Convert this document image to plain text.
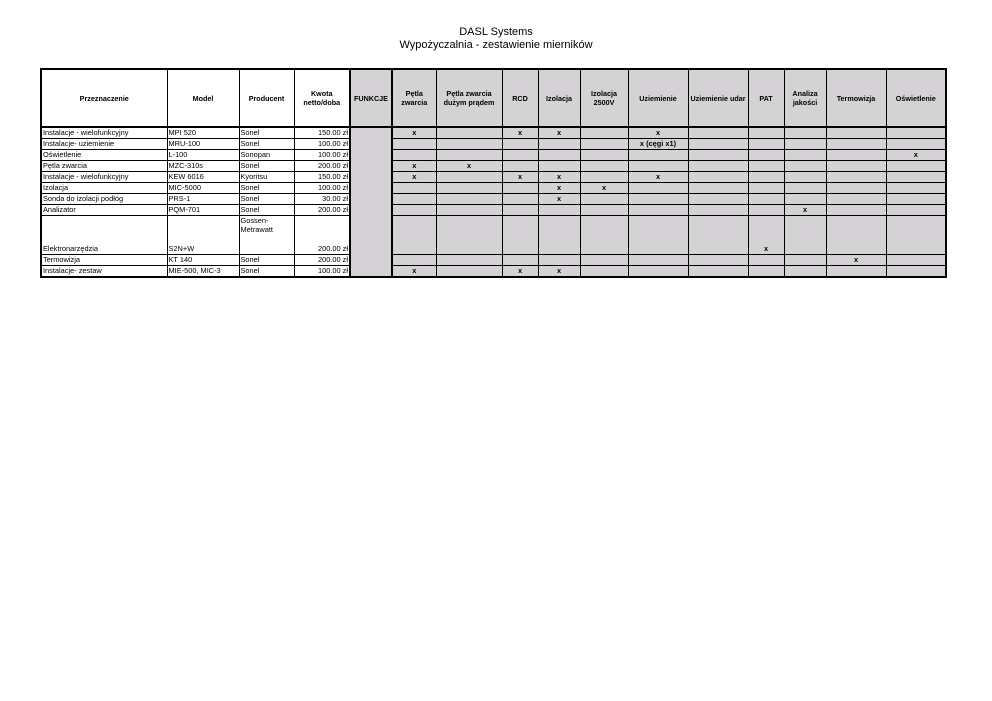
DASL Systems
Wypożyczalnia - zestawienie mierników
Przeznaczenie	Model	Producent	Kwota netto/doba	FUNKCJE	Pętla zwarcia	Pętla zwarcia dużym prądem	RCD	Izolacja	Izolacja 2500V	Uziemienie	Uziemienie udar	PAT	Analiza jakości	Termowizja	Oświetlenie
Instalacje - wielofunkcyjny	MPI 520	Sonel	150.00 zł		x		x	x		x					
Instalacje- uziemienie	MRU-100	Sonel	100.00 zł							x (cęgi x1)					
Oświetlenie	L-100	Sonopan	100.00 zł												x
Pętla zwarcia	MZC-310s	Sonel	200.00 zł		x	x									
Instalacje - wielofunkcyjny	KEW 6016	Kyoritsu	150.00 zł		x		x	x		x					
Izolacja	MIC-5000	Sonel	100.00 zł					x	x						
Sonda do izolacji podłóg	PRS-1	Sonel	30.00 zł					x							
Analizator	PQM-701	Sonel	200.00 zł										x		
Elektronarzędzia	S2N+W	Gossen-Metrawatt	200.00 zł									x			
Termowizja	KT 140	Sonel	200.00 zł											x	
Instalacje- zestaw	MIE-500, MIC-3	Sonel	100.00 zł		x		x	x							
